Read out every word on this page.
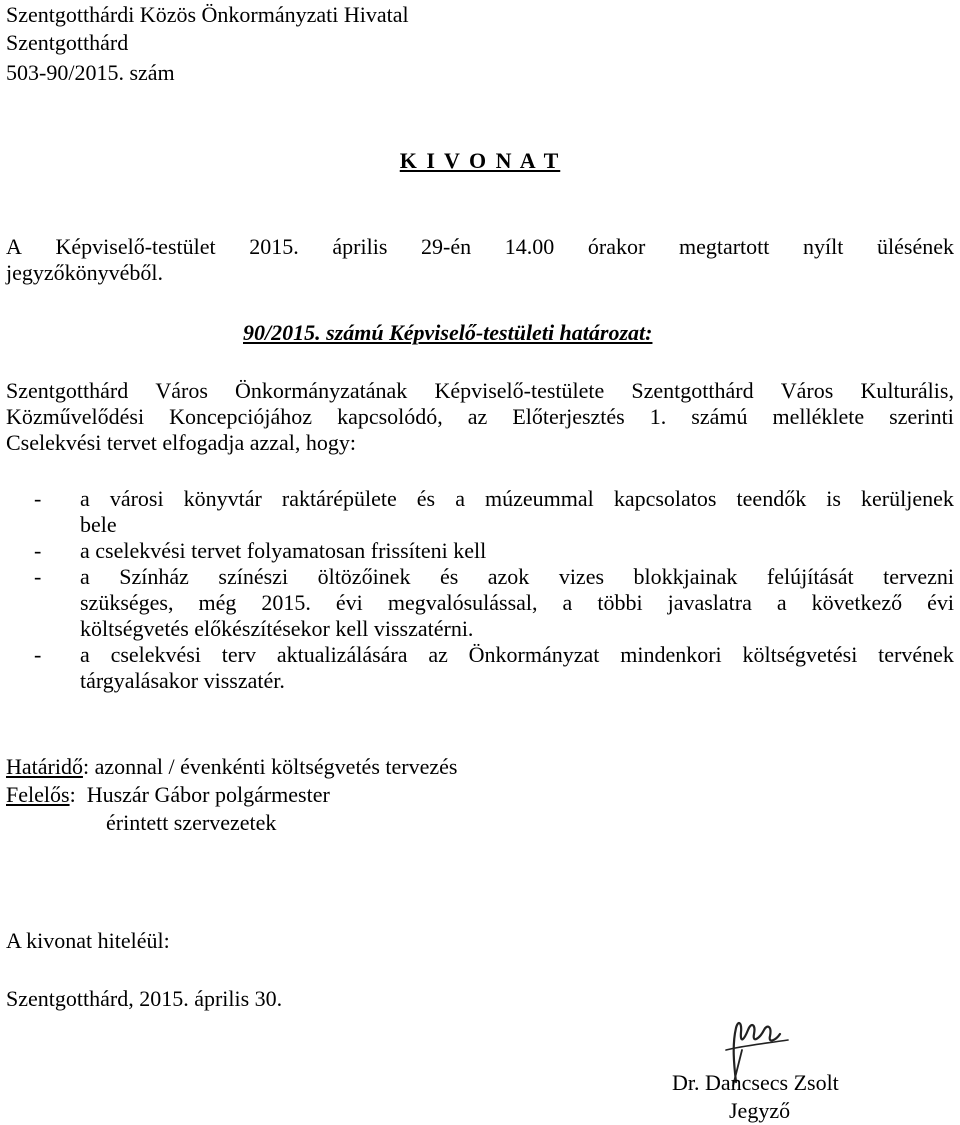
Szentgotthárdi Közös Önkormányzati Hivatal
Szentgotthárd
503-90/2015. szám
K I V O N A T
A Képviselő-testület 2015. április 29-én 14.00 órakor megtartott nyílt ülésének
jegyzőkönyvéből.
90/2015. számú Képviselő-testületi határozat:
Szentgotthárd Város Önkormányzatának Képviselő-testülete Szentgotthárd Város Kulturális,
Közművelődési Koncepciójához kapcsolódó, az Előterjesztés 1. számú melléklete szerinti
Cselekvési tervet elfogadja azzal, hogy:
- a városi könyvtár raktárépülete és a múzeummal kapcsolatos teendők is kerüljenek
bele
- a cselekvési tervet folyamatosan frissíteni kell
- a Színház színészi öltözőinek és azok vizes blokkjainak felújítását tervezni
szükséges, még 2015. évi megvalósulással, a többi javaslatra a következő évi
költségvetés előkészítésekor kell visszatérni.
- a cselekvési terv aktualizálására az Önkormányzat mindenkori költségvetési tervének
tárgyalásakor visszatér.
Határidő: azonnal / évenkénti költségvetés tervezés
Felelős:  Huszár Gábor polgármester
érintett szervezetek
A kivonat hiteléül:
Szentgotthárd, 2015. április 30.
Dr. Dancsecs Zsolt
Jegyző
